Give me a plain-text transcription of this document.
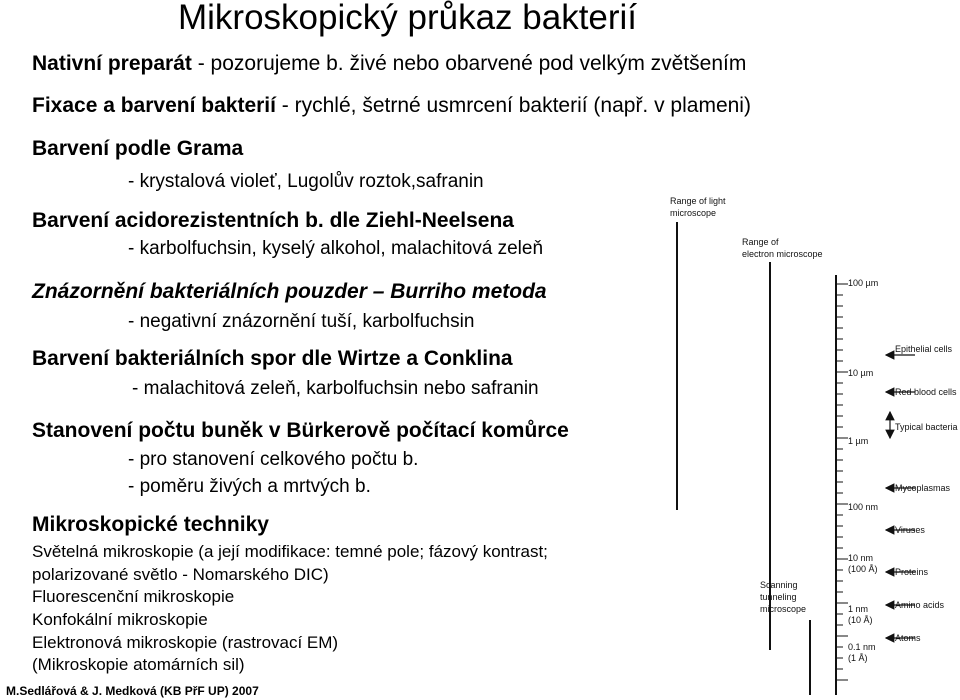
Mikroskopický průkaz bakterií
Nativní preparát - pozorujeme b. živé nebo obarvené pod velkým zvětšením
Fixace a barvení bakterií - rychlé, šetrné usmrcení bakterií (např. v plameni)
Barvení podle Grama
- krystalová violeť, Lugolův roztok,safranin
Barvení acidorezistentních b. dle Ziehl-Neelsena
- karbolfuchsin, kyselý alkohol, malachitová zeleň
Znázornění bakteriálních pouzder – Burriho metoda
- negativní znázornění tuší, karbolfuchsin
Barvení bakteriálních spor dle Wirtze a Conklina
- malachitová zeleň, karbolfuchsin nebo safranin
Stanovení počtu buněk v Bürkerově počítací komůrce
- pro stanovení celkového počtu b.
- poměru živých a mrtvých b.
Mikroskopické techniky
Světelná mikroskopie (a její modifikace: temné pole; fázový kontrast;
polarizované světlo - Nomarského DIC)
Fluorescenční mikroskopie
Konfokální mikroskopie
Elektronová mikroskopie (rastrovací EM)
(Mikroskopie atomárních sil)
M.Sedlářová & J. Medková (KB PřF UP) 2007
Range of light
microscope
Range of
electron microscope
Scanning
tunneling
microscope
100 µm
10 µm
1 µm
100 nm
10 nm
(100 Å)
1 nm
(10 Å)
0.1 nm
(1 Å)
Epithelial cells
Red blood cells
Typical bacteria
Mycoplasmas
Viruses
Proteins
Amino acids
Atoms
